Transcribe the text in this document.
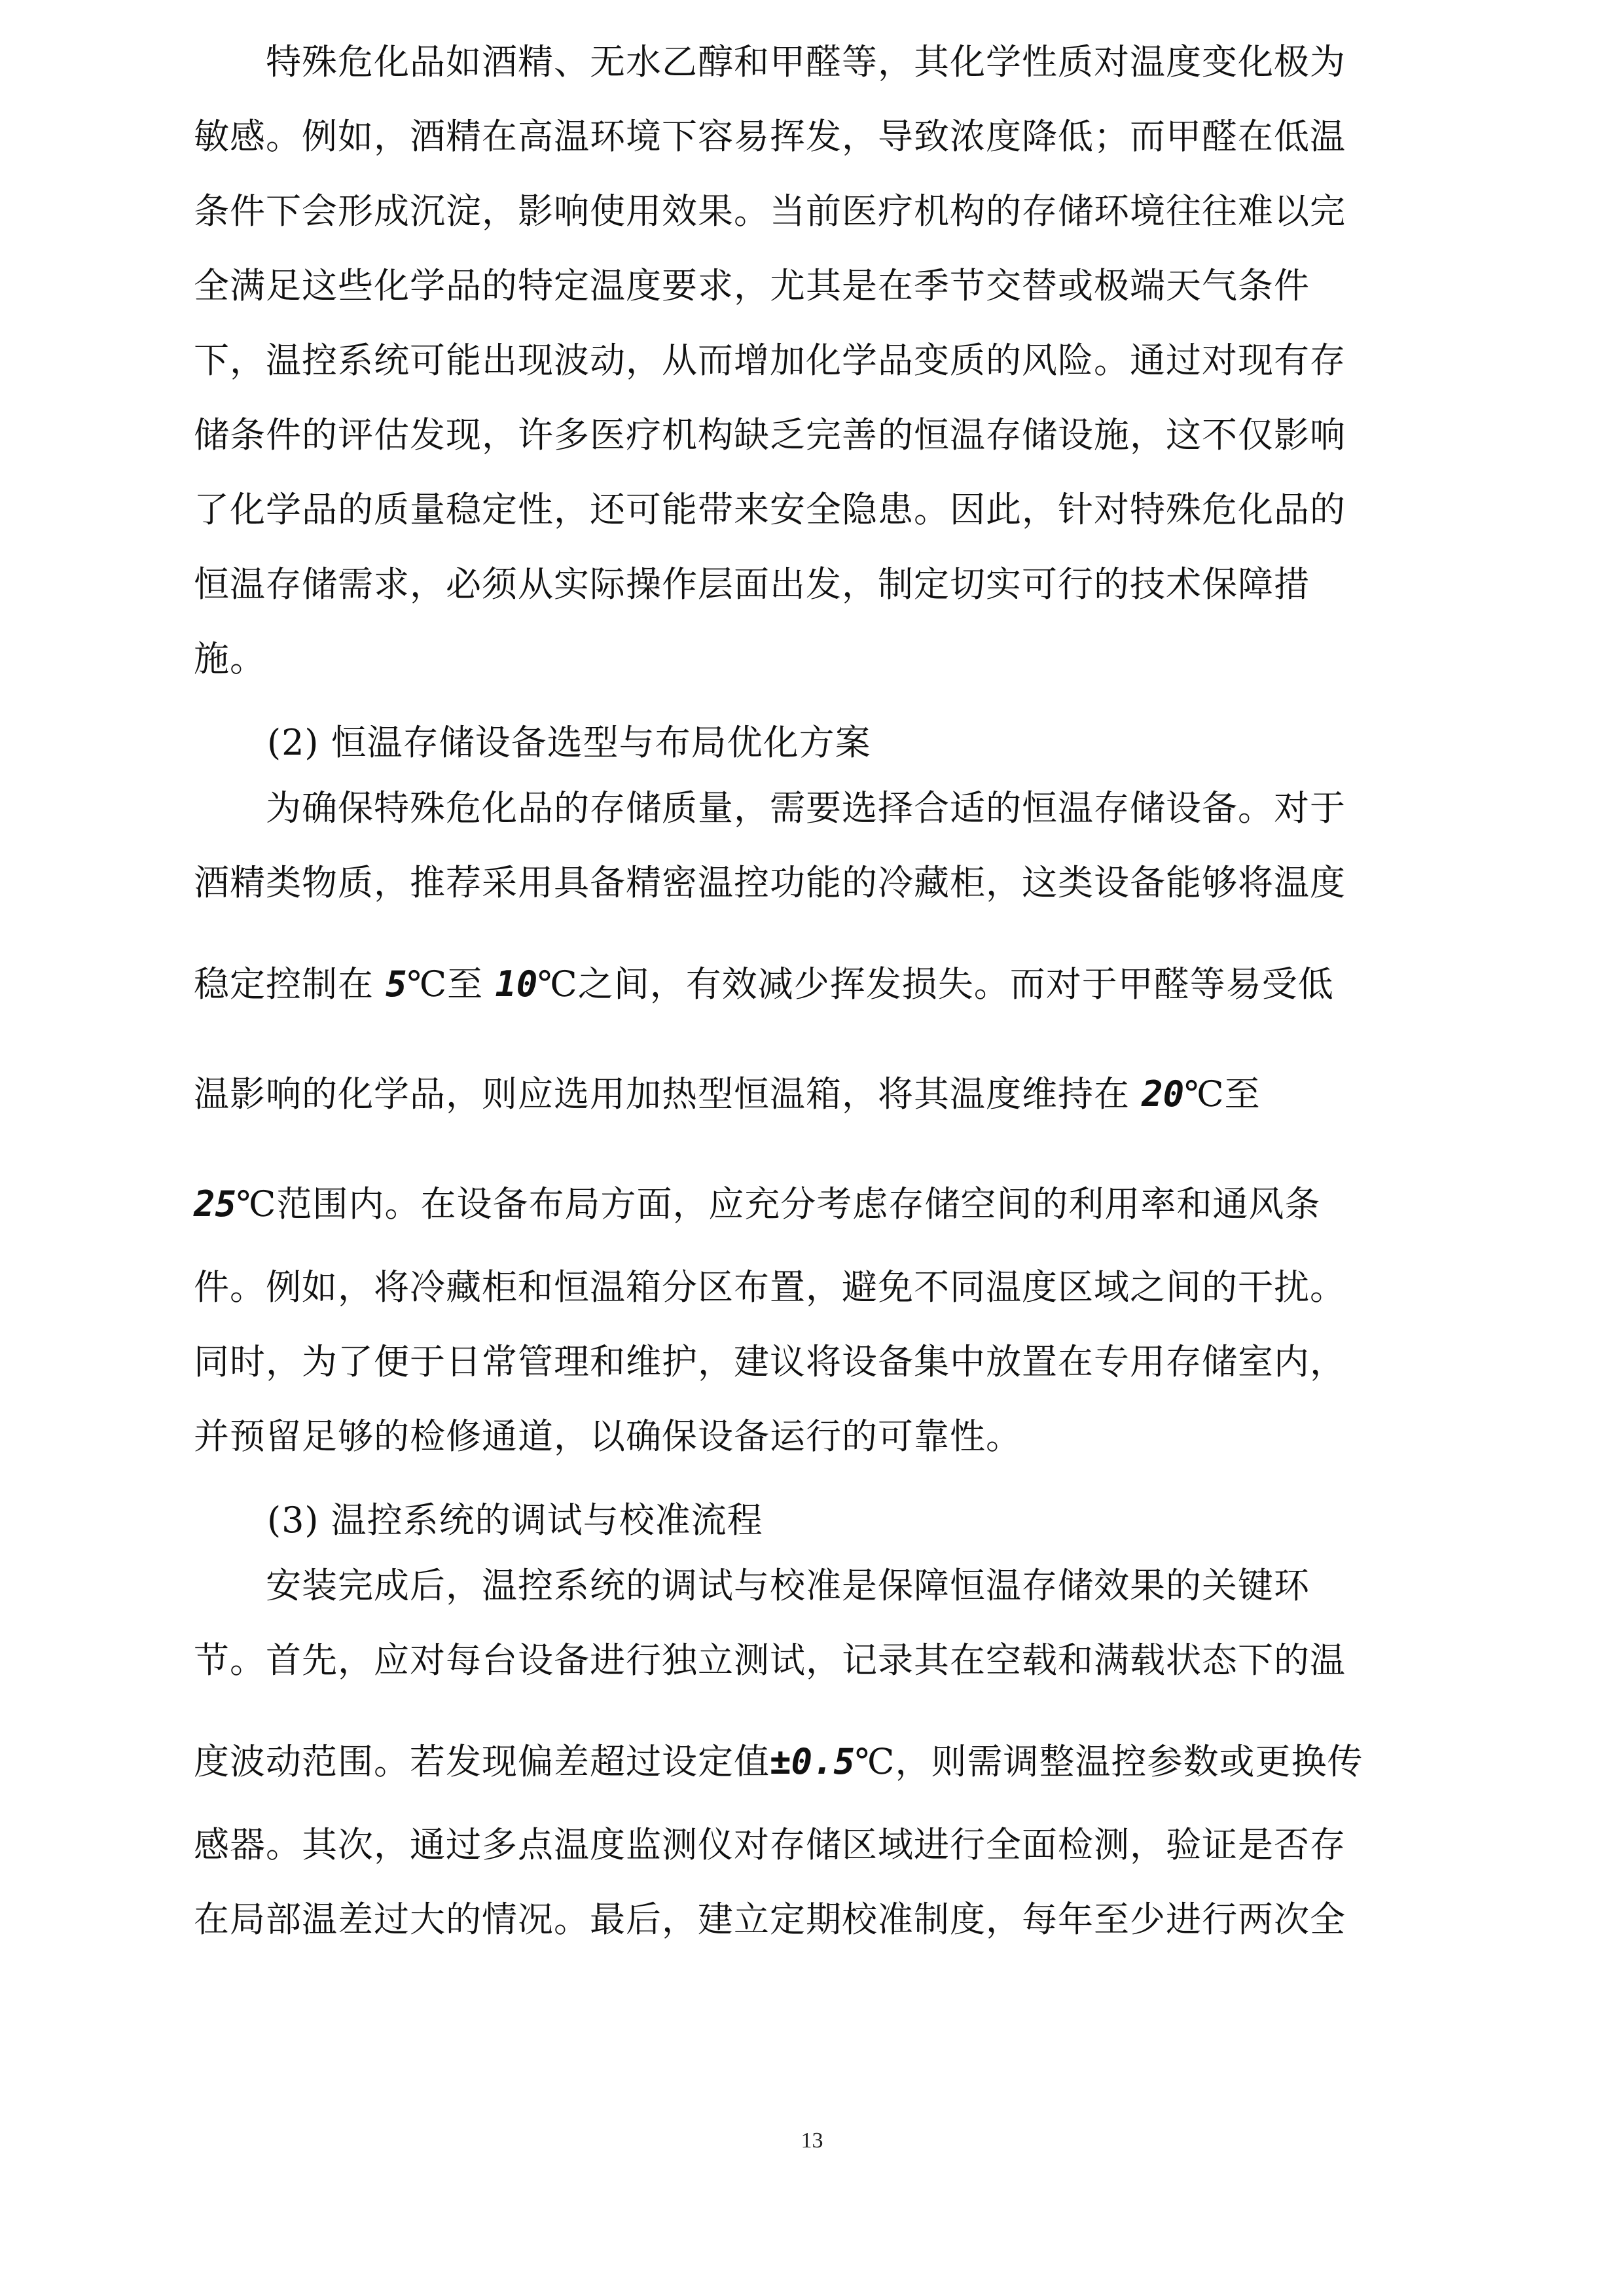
特殊危化品如酒精、无水乙醇和甲醛等，其化学性质对温度变化极为
敏感。例如，酒精在高温环境下容易挥发，导致浓度降低；而甲醛在低温
条件下会形成沉淀，影响使用效果。当前医疗机构的存储环境往往难以完
全满足这些化学品的特定温度要求，尤其是在季节交替或极端天气条件
下，温控系统可能出现波动，从而增加化学品变质的风险。通过对现有存
储条件的评估发现，许多医疗机构缺乏完善的恒温存储设施，这不仅影响
了化学品的质量稳定性，还可能带来安全隐患。因此，针对特殊危化品的
恒温存储需求，必须从实际操作层面出发，制定切实可行的技术保障措
施。
(2) 恒温存储设备选型与布局优化方案
为确保特殊危化品的存储质量，需要选择合适的恒温存储设备。对于
酒精类物质，推荐采用具备精密温控功能的冷藏柜，这类设备能够将温度
稳定控制在 5℃至 10℃之间，有效减少挥发损失。而对于甲醛等易受低
温影响的化学品，则应选用加热型恒温箱，将其温度维持在 20℃至
25℃范围内。在设备布局方面，应充分考虑存储空间的利用率和通风条
件。例如，将冷藏柜和恒温箱分区布置，避免不同温度区域之间的干扰。
同时，为了便于日常管理和维护，建议将设备集中放置在专用存储室内，
并预留足够的检修通道，以确保设备运行的可靠性。
(3) 温控系统的调试与校准流程
安装完成后，温控系统的调试与校准是保障恒温存储效果的关键环
节。首先，应对每台设备进行独立测试，记录其在空载和满载状态下的温
度波动范围。若发现偏差超过设定值±0.5℃，则需调整温控参数或更换传
感器。其次，通过多点温度监测仪对存储区域进行全面检测，验证是否存
在局部温差过大的情况。最后，建立定期校准制度，每年至少进行两次全
13
